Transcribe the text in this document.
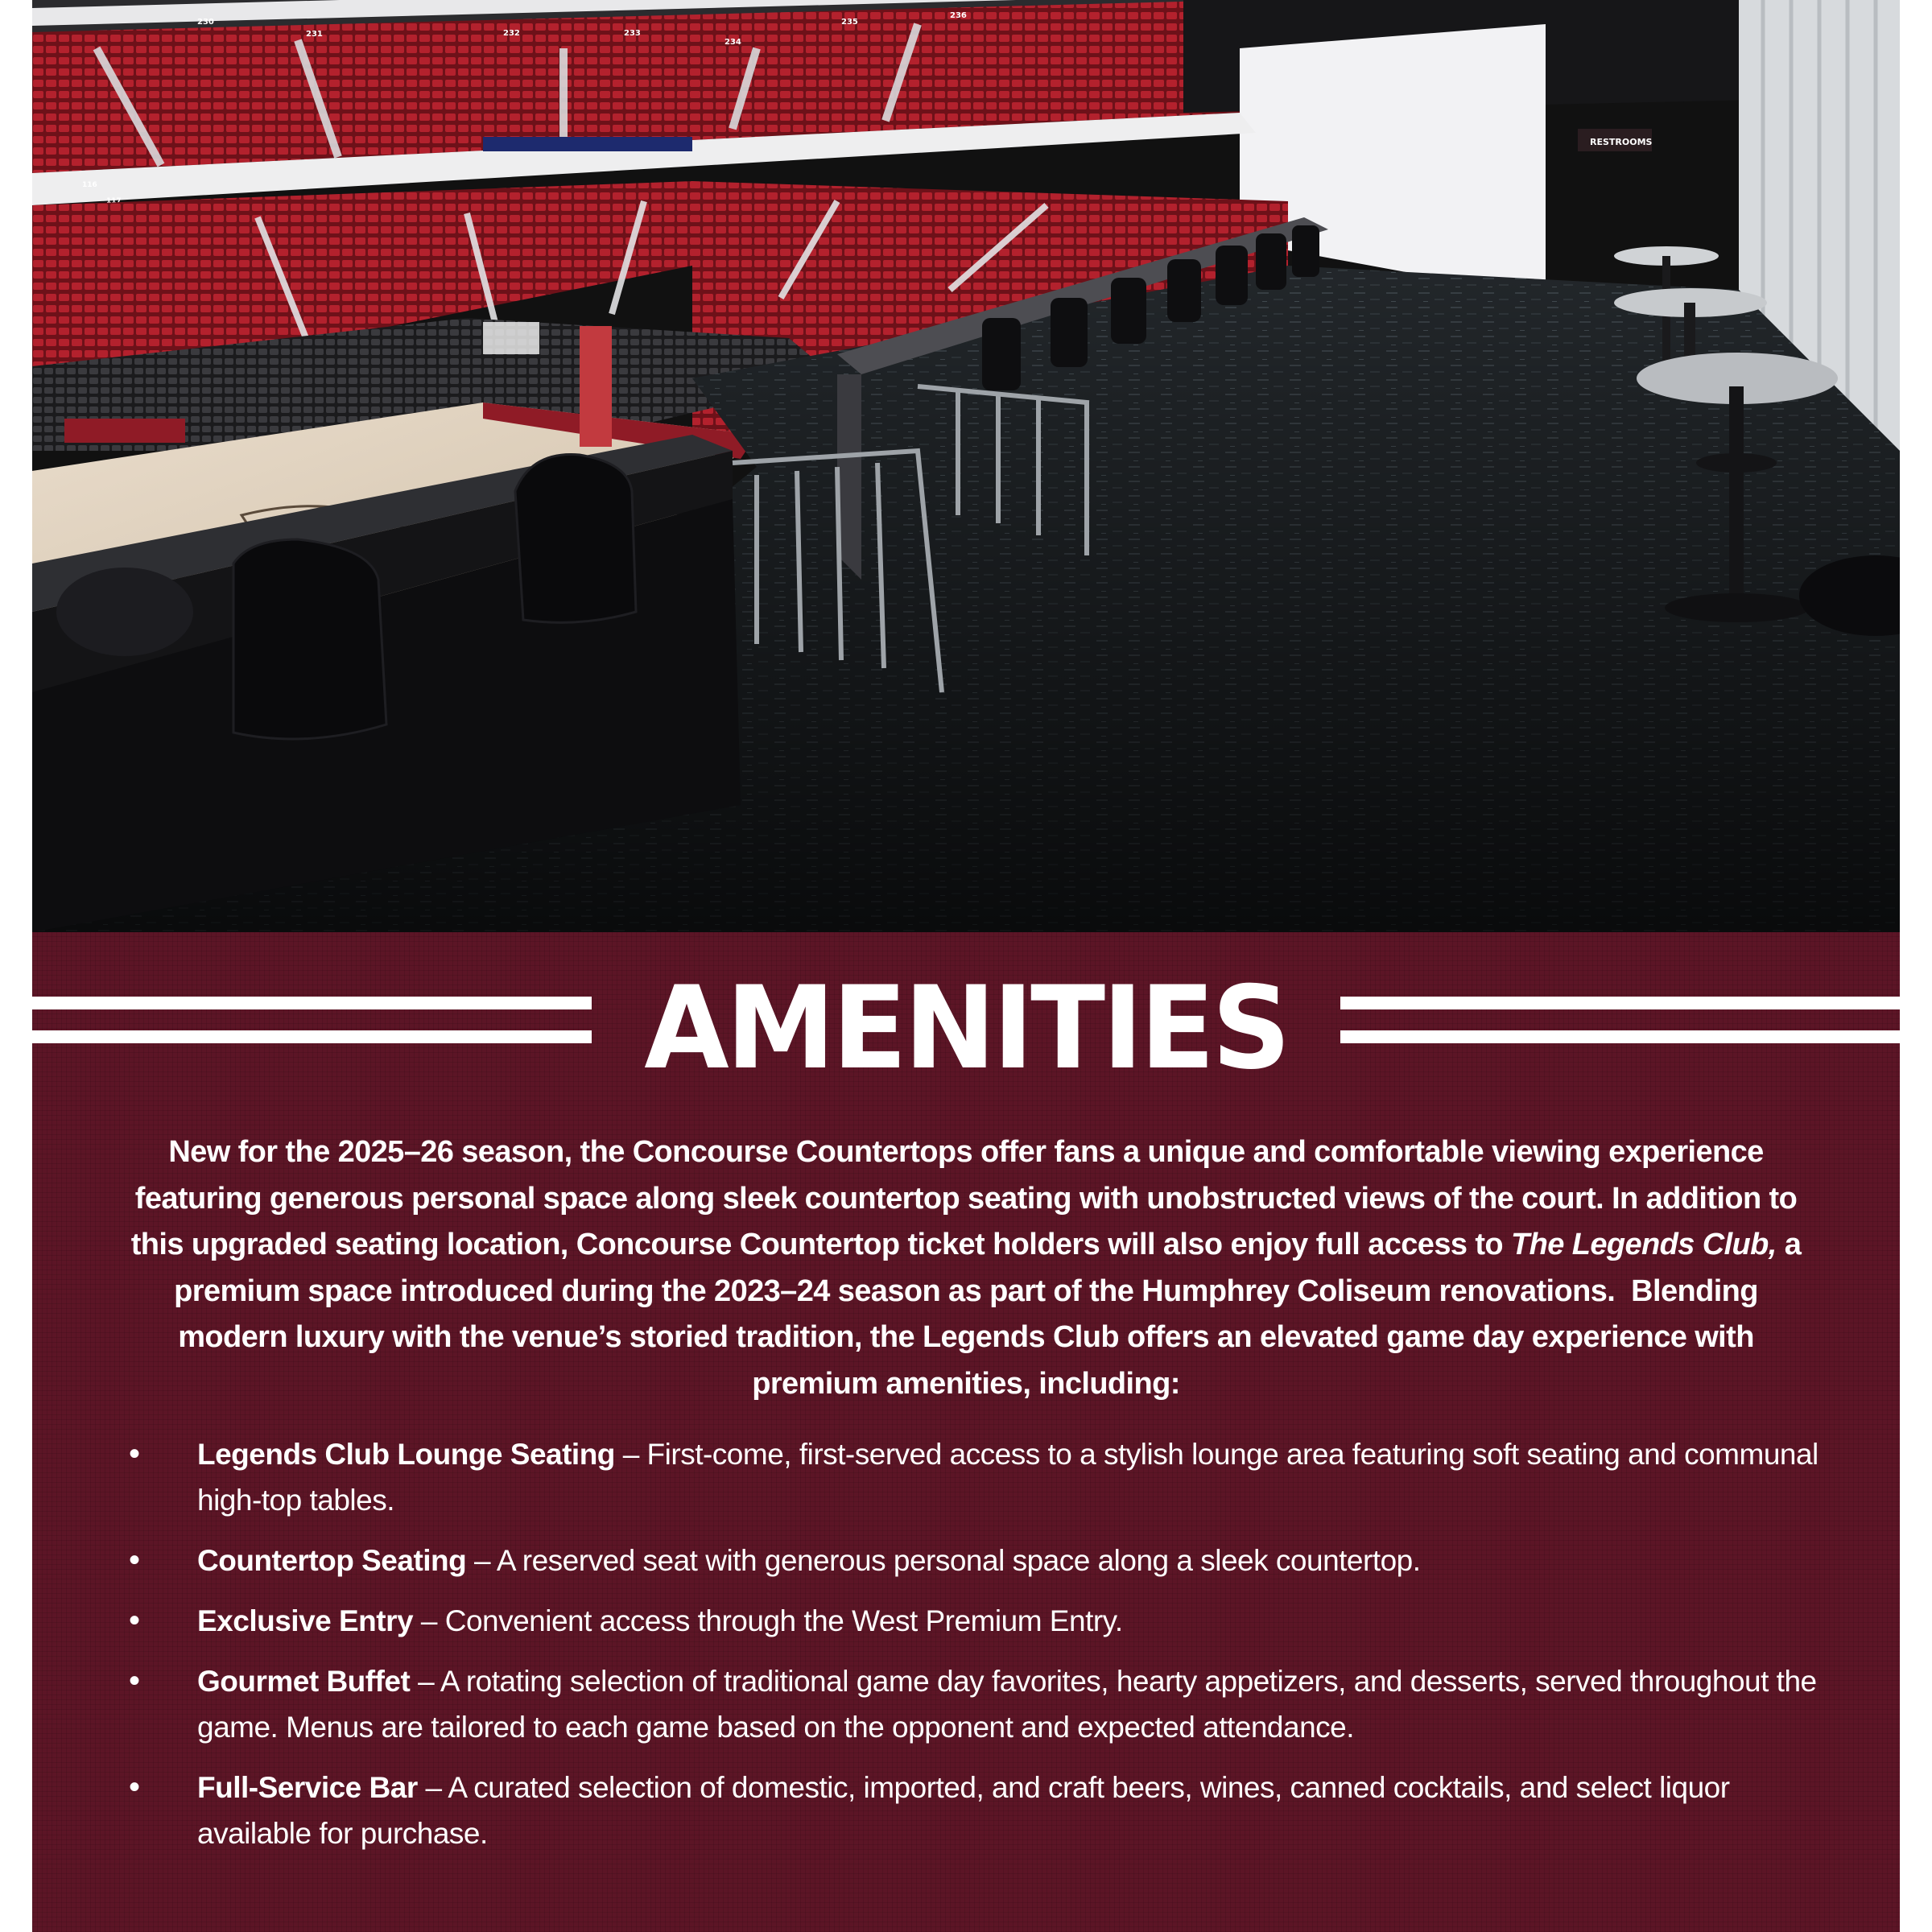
230
231	232	233
234
235
236
RESTROOMS
116
117
AMENITIES

New for the 2025–26 season, the Concourse Countertops offer fans a unique and comfortable viewing experience featuring generous personal space along sleek countertop seating with unobstructed views of the court. In addition to this upgraded seating location, Concourse Countertop ticket holders will also enjoy full access to The Legends Club, a premium space introduced during the 2023–24 season as part of the Humphrey Coliseum renovations.  Blending modern luxury with the venue’s storied tradition, the Legends Club offers an elevated game day experience with premium amenities, including:

• Legends Club Lounge Seating – First-come, first-served access to a stylish lounge area featuring soft seating and communal high-top tables.
• Countertop Seating – A reserved seat with generous personal space along a sleek countertop.
• Exclusive Entry – Convenient access through the West Premium Entry.
• Gourmet Buffet – A rotating selection of traditional game day favorites, hearty appetizers, and desserts, served throughout the game. Menus are tailored to each game based on the opponent and expected attendance.
• Full-Service Bar – A curated selection of domestic, imported, and craft beers, wines, canned cocktails, and select liquor available for purchase.
